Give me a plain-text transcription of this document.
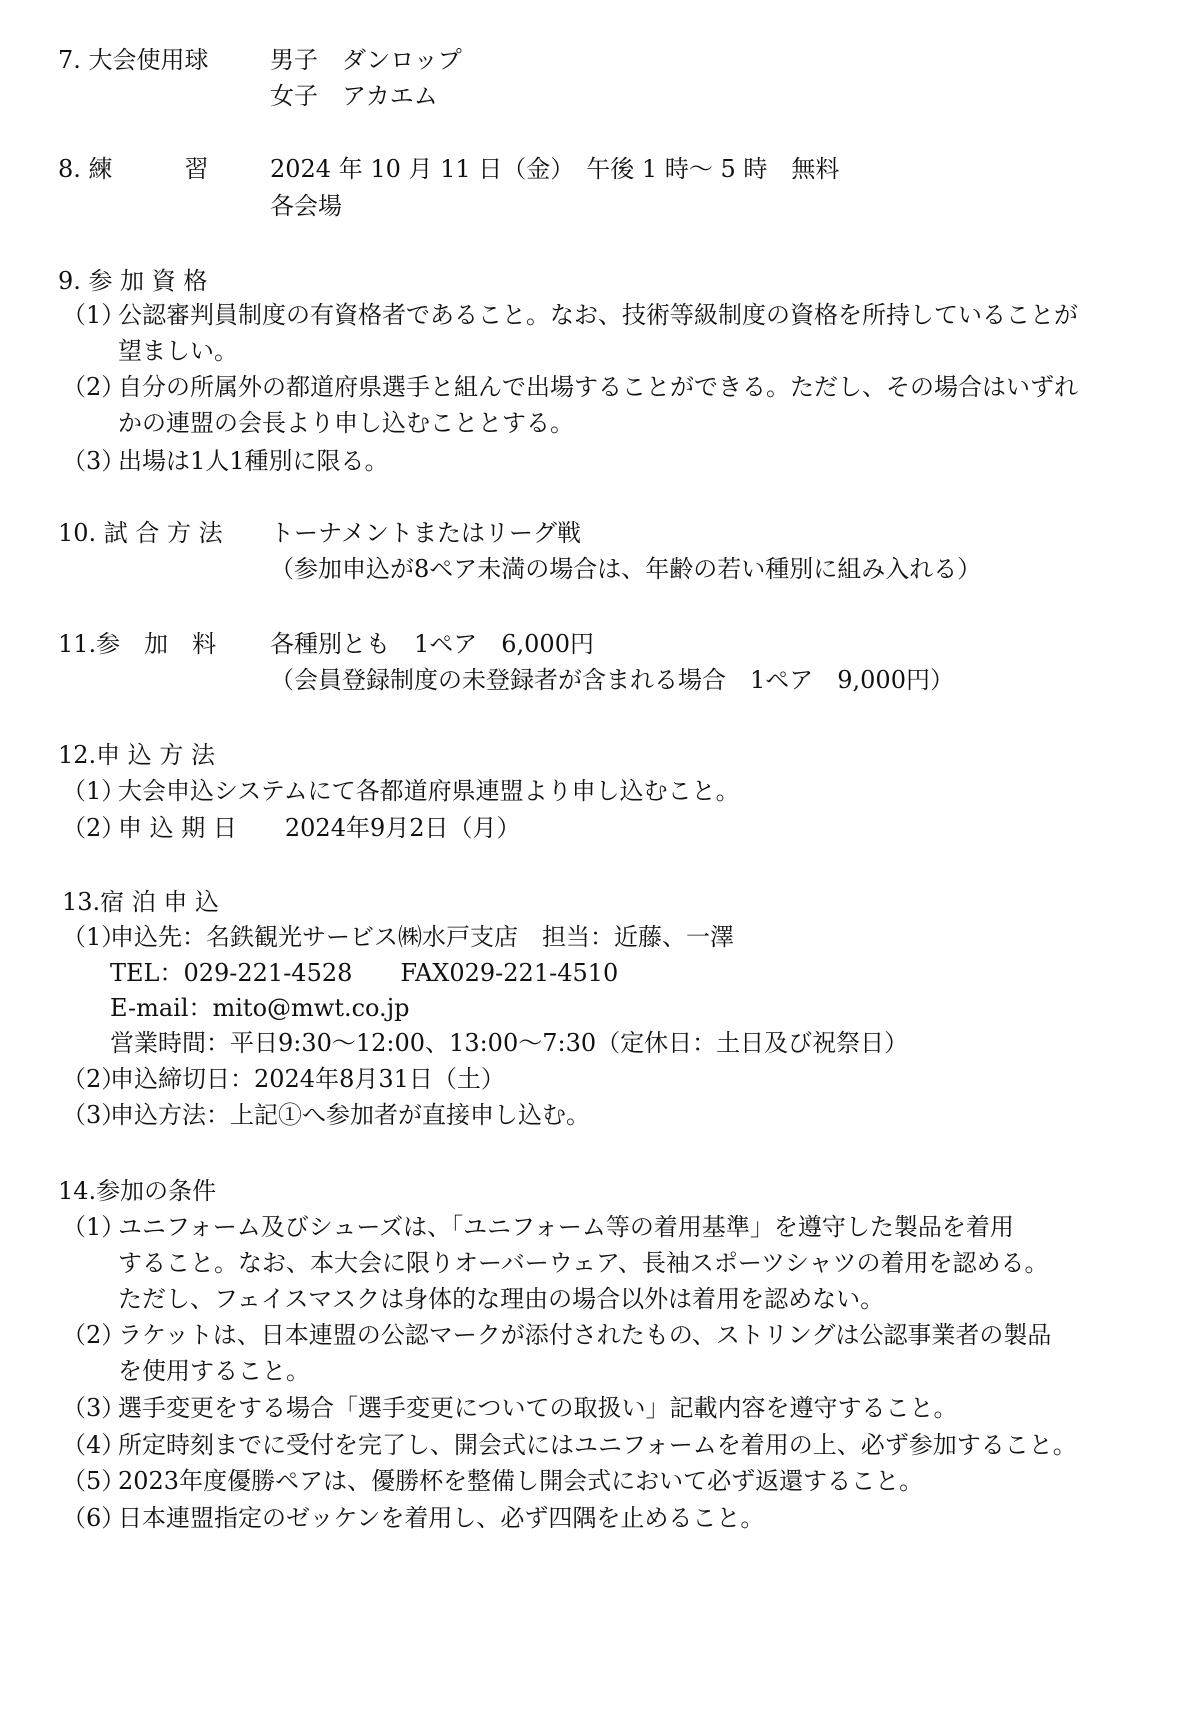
7. 大会使用球	男子　ダンロップ
女子　アカエム
8. 練　　　習	2024 年 10 月 11 日（金）　午後 1 時～ 5 時　無料
各会場
9. 参 加 資 格
（1）
公認審判員制度の有資格者であること。なお、技術等級制度の資格を所持していることが
望ましい。
（2）
自分の所属外の都道府県選手と組んで出場することができる。ただし、その場合はいずれ
かの連盟の会長より申し込むこととする。
（3）
出場は1人1種別に限る。
10. 試 合 方 法 トーナメントまたはリーグ戦
（参加申込が8ペア未満の場合は、年齢の若い種別に組み入れる）
11.参　加　料 各種別とも　1ペア　6,000円
（会員登録制度の未登録者が含まれる場合　1ペア　9,000円）
12.申 込 方 法
（1）
大会申込システムにて各都道府県連盟より申し込むこと。
（2）
申 込 期 日　　2024年9月2日（月）
13.宿 泊 申 込
（1）
申込先：名鉄観光サービス㈱水戸支店　担当：近藤、一澤
TEL：029-221-4528　　FAX029-221-4510
E-mail：mito@mwt.co.jp
営業時間：平日9:30～12:00、13:00～7:30（定休日：土日及び祝祭日）
（2）
申込締切日：2024年8月31日（土）
（3）
申込方法：上記①へ参加者が直接申し込む。
14.参加の条件
（1）
ユニフォーム及びシューズは、「ユニフォーム等の着用基準」を遵守した製品を着用
すること。なお、本大会に限りオーバーウェア、長袖スポーツシャツの着用を認める。
ただし、フェイスマスクは身体的な理由の場合以外は着用を認めない。
（2）
ラケットは、日本連盟の公認マークが添付されたもの、ストリングは公認事業者の製品
を使用すること。
（3）
選手変更をする場合「選手変更についての取扱い」記載内容を遵守すること。
（4）
所定時刻までに受付を完了し、開会式にはユニフォームを着用の上、必ず参加すること。
（5）
2023年度優勝ペアは、優勝杯を整備し開会式において必ず返還すること。
（6）
日本連盟指定のゼッケンを着用し、必ず四隅を止めること。
